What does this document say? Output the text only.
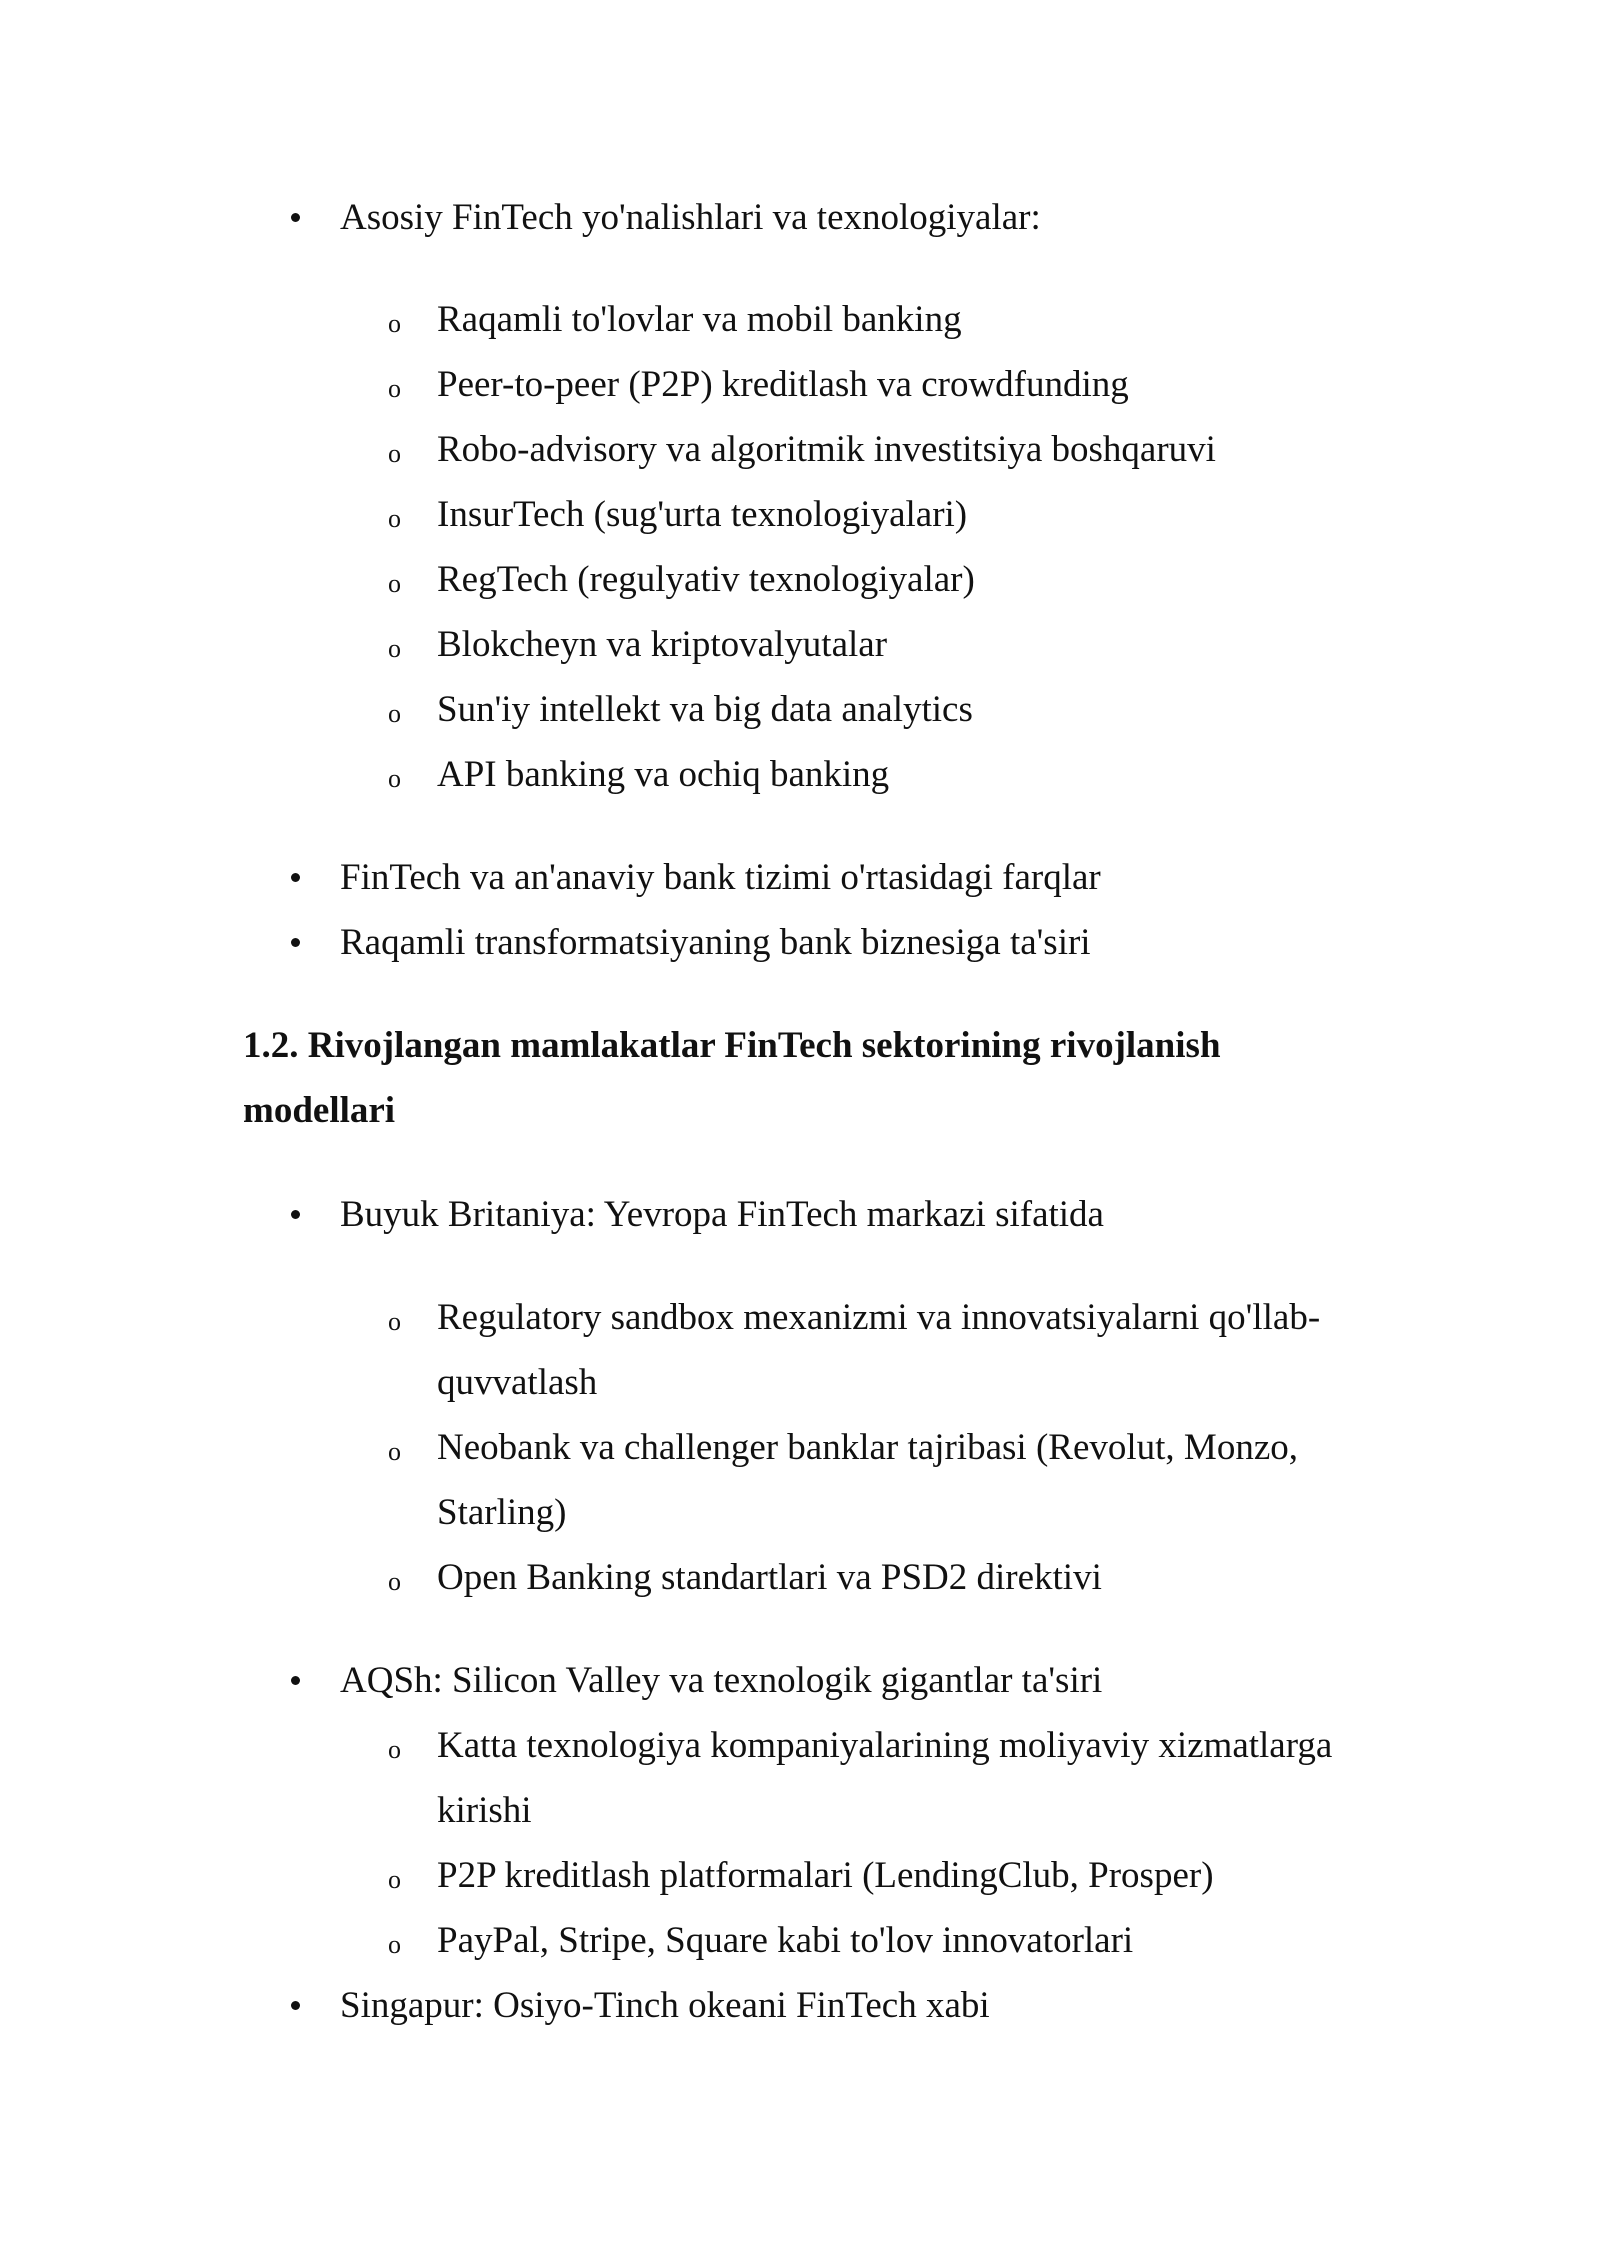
Asosiy FinTech yo'nalishlari va texnologiyalar:
o Raqamli to'lovlar va mobil banking
o Peer-to-peer (P2P) kreditlash va crowdfunding
o Robo-advisory va algoritmik investitsiya boshqaruvi
o InsurTech (sug'urta texnologiyalari)
o RegTech (regulyativ texnologiyalar)
o Blokcheyn va kriptovalyutalar
o Sun'iy intellekt va big data analytics
o API banking va ochiq banking
FinTech va an'anaviy bank tizimi o'rtasidagi farqlar
Raqamli transformatsiyaning bank biznesiga ta'siri
1.2. Rivojlangan mamlakatlar FinTech sektorining rivojlanish
modellari
Buyuk Britaniya: Yevropa FinTech markazi sifatida
o Regulatory sandbox mexanizmi va innovatsiyalarni qo'llab-
quvvatlash
o Neobank va challenger banklar tajribasi (Revolut, Monzo,
Starling)
o Open Banking standartlari va PSD2 direktivi
AQSh: Silicon Valley va texnologik gigantlar ta'siri
o Katta texnologiya kompaniyalarining moliyaviy xizmatlarga
kirishi
o P2P kreditlash platformalari (LendingClub, Prosper)
o PayPal, Stripe, Square kabi to'lov innovatorlari
Singapur: Osiyo-Tinch okeani FinTech xabi
